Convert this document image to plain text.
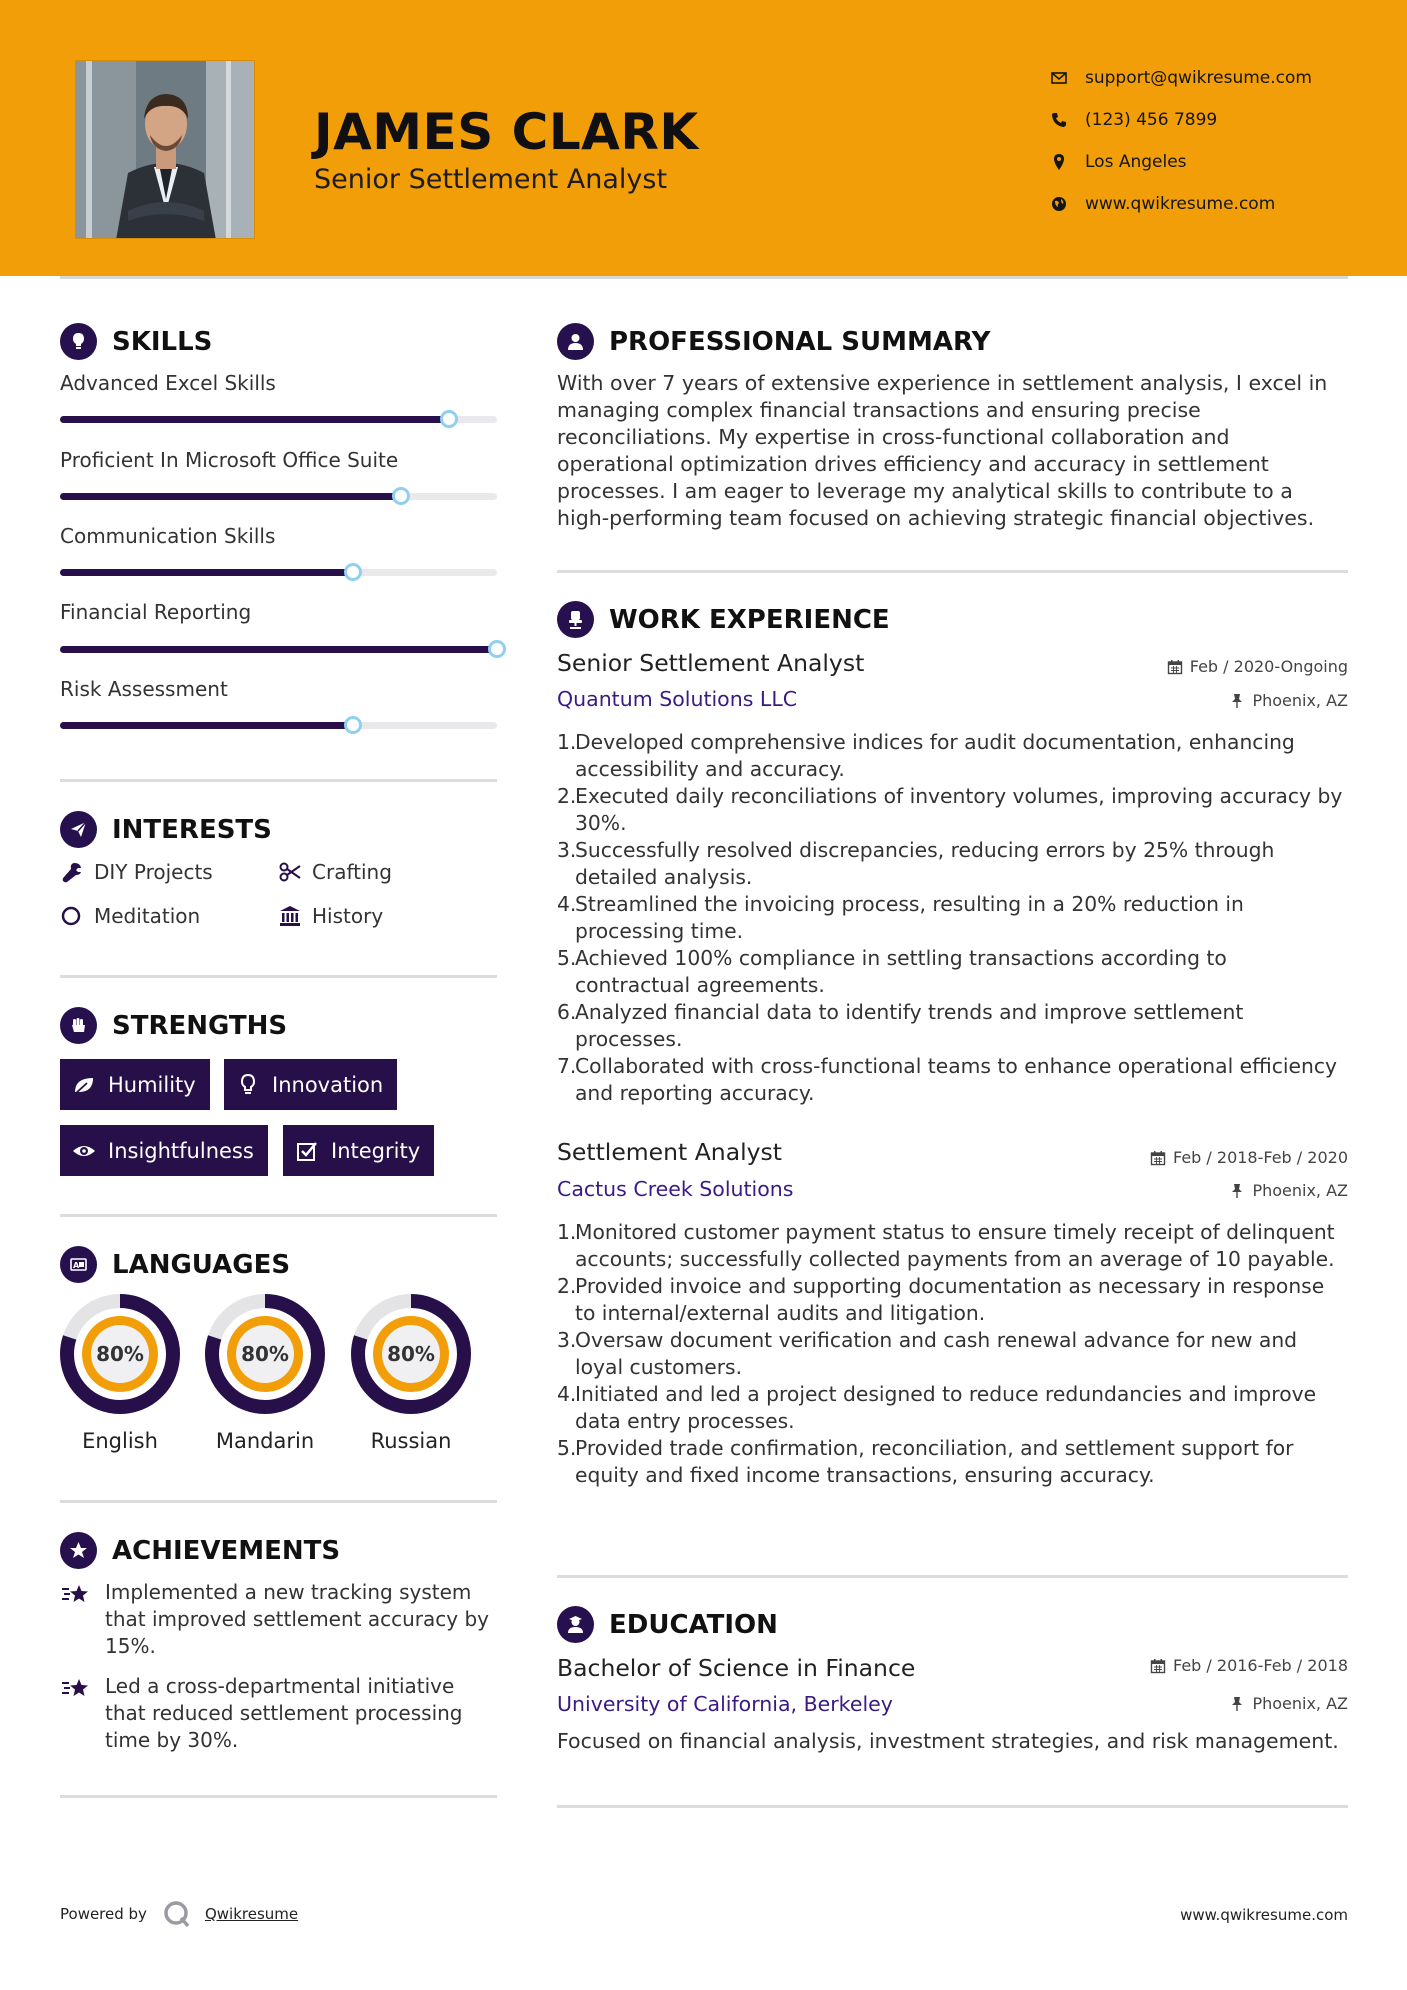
JAMES CLARK
Senior Settlement Analyst
support@qwikresume.com
(123) 456 7899
Los Angeles
www.qwikresume.com
SKILLS
Advanced Excel Skills
Proficient In Microsoft Office Suite
Communication Skills
Financial Reporting
Risk Assessment
INTERESTS
DIY Projects	Crafting
Meditation	History
STRENGTHS
Humility	Innovation
Insightfulness	Integrity
A LANGUAGES
80%
English
80%
Mandarin
80%
Russian
ACHIEVEMENTS
Implemented a new tracking system that improved settlement accuracy by 15%.
Led a cross-departmental initiative that reduced settlement processing time by 30%.
PROFESSIONAL SUMMARY
With over 7 years of extensive experience in settlement analysis, I excel in managing complex financial transactions and ensuring precise reconciliations. My expertise in cross-functional collaboration and operational optimization drives efficiency and accuracy in settlement processes. I am eager to leverage my analytical skills to contribute to a high-performing team focused on achieving strategic financial objectives.
WORK EXPERIENCE
Senior Settlement Analyst	Feb / 2020-Ongoing
Quantum Solutions LLC	Phoenix, AZ
1.
Developed comprehensive indices for audit documentation, enhancing accessibility and accuracy.
2.
Executed daily reconciliations of inventory volumes, improving accuracy by 30%.
3.
Successfully resolved discrepancies, reducing errors by 25% through detailed analysis.
4.
Streamlined the invoicing process, resulting in a 20% reduction in processing time.
5.
Achieved 100% compliance in settling transactions according to contractual agreements.
6.
Analyzed financial data to identify trends and improve settlement processes.
7.
Collaborated with cross-functional teams to enhance operational efficiency and reporting accuracy.
Settlement Analyst	Feb / 2018-Feb / 2020
Cactus Creek Solutions	Phoenix, AZ
1.
Monitored customer payment status to ensure timely receipt of delinquent accounts; successfully collected payments from an average of 10 payable.
2.
Provided invoice and supporting documentation as necessary in response to internal/external audits and litigation.
3.
Oversaw document verification and cash renewal advance for new and loyal customers.
4.
Initiated and led a project designed to reduce redundancies and improve data entry processes.
5.
Provided trade confirmation, reconciliation, and settlement support for equity and fixed income transactions, ensuring accuracy.
EDUCATION
Bachelor of Science in Finance	Feb / 2016-Feb / 2018
University of California, Berkeley	Phoenix, AZ
Focused on financial analysis, investment strategies, and risk management.
Powered by	Qwikresume	www.qwikresume.com
